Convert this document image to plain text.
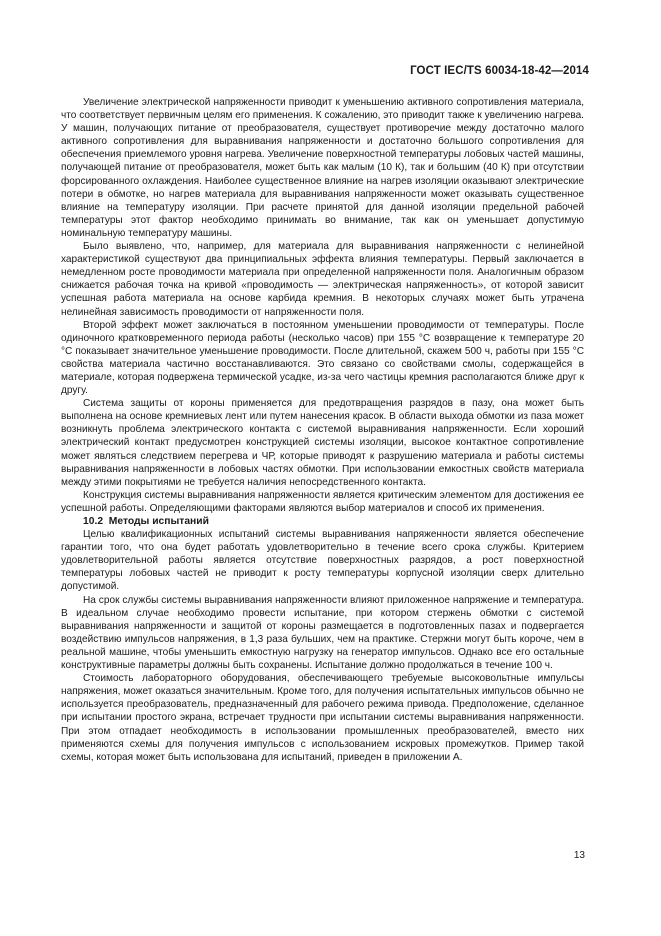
ГОСТ IEC/TS 60034-18-42—2014

Увеличение электрической напряженности приводит к уменьшению активного сопротивления материала, что соответствует первичным целям его применения. К сожалению, это приводит также к увеличению нагрева. У машин, получающих питание от преобразователя, существует противоречие между достаточно малого активного сопротивления для выравнивания напряженности и достаточно большого сопротивления для обеспечения приемлемого уровня нагрева. Увеличение поверхностной температуры лобовых частей машины, получающей питание от преобразователя, может быть как малым (10 К), так и большим (40 К) при отсутствии форсированного охлаждения. Наиболее существенное влияние на нагрев изоляции оказывают электрические потери в обмотке, но нагрев материала для выравнивания напряженности может оказывать существенное влияние на температуру изоляции. При расчете принятой для данной изоляции предельной рабочей температуры этот фактор необходимо принимать во внимание, так как он уменьшает допустимую номинальную температуру машины.

Было выявлено, что, например, для материала для выравнивания напряженности с нелинейной характеристикой существуют два принципиальных эффекта влияния температуры. Первый заключается в немедленном росте проводимости материала при определенной напряженности поля. Аналогичным образом снижается рабочая точка на кривой «проводимость — электрическая напряженность», от которой зависит успешная работа материала на основе карбида кремния. В некоторых случаях может быть утрачена нелинейная зависимость проводимости от напряженности поля.

Второй эффект может заключаться в постоянном уменьшении проводимости от температуры. После одиночного кратковременного периода работы (несколько часов) при 155 °С возвращение к температуре 20 °С показывает значительное уменьшение проводимости. После длительной, скажем 500 ч, работы при 155 °С свойства материала частично восстанавливаются. Это связано со свойствами смолы, содержащейся в материале, которая подвержена термической усадке, из-за чего частицы кремния располагаются ближе друг к другу.

Система защиты от короны применяется для предотвращения разрядов в пазу, она может быть выполнена на основе кремниевых лент или путем нанесения красок. В области выхода обмотки из паза может возникнуть проблема электрического контакта с системой выравнивания напряженности. Если хороший электрический контакт предусмотрен конструкцией системы изоляции, высокое контактное сопротивление может являться следствием перегрева и ЧР, которые приводят к разрушению материала и работы системы выравнивания напряженности в лобовых частях обмотки. При использовании емкостных свойств материала между этими покрытиями не требуется наличия непосредственного контакта.

Конструкция системы выравнивания напряженности является критическим элементом для достижения ее успешной работы. Определяющими факторами являются выбор материалов и способ их применения.

10.2 Методы испытаний

Целью квалификационных испытаний системы выравнивания напряженности является обеспечение гарантии того, что она будет работать удовлетворительно в течение всего срока службы. Критерием удовлетворительной работы является отсутствие поверхностных разрядов, а рост поверхностной температуры лобовых частей не приводит к росту температуры корпусной изоляции сверх длительно допустимой.

На срок службы системы выравнивания напряженности влияют приложенное напряжение и температура. В идеальном случае необходимо провести испытание, при котором стержень обмотки с системой выравнивания напряженности и защитой от короны размещается в подготовленных пазах и подвергается воздействию импульсов напряжения, в 1,3 раза бульших, чем на практике. Стержни могут быть короче, чем в реальной машине, чтобы уменьшить емкостную нагрузку на генератор импульсов. Однако все его остальные конструктивные параметры должны быть сохранены. Испытание должно продолжаться в течение 100 ч.

Стоимость лабораторного оборудования, обеспечивающего требуемые высоковольтные импульсы напряжения, может оказаться значительным. Кроме того, для получения испытательных импульсов обычно не используется преобразователь, предназначенный для рабочего режима привода. Предположение, сделанное при испытании простого экрана, встречает трудности при испытании системы выравнивания напряженности. При этом отпадает необходимость в использовании промышленных преобразователей, вместо них применяются схемы для получения импульсов с использованием искровых промежутков. Пример такой схемы, которая может быть использована для испытаний, приведен в приложении А.

13
